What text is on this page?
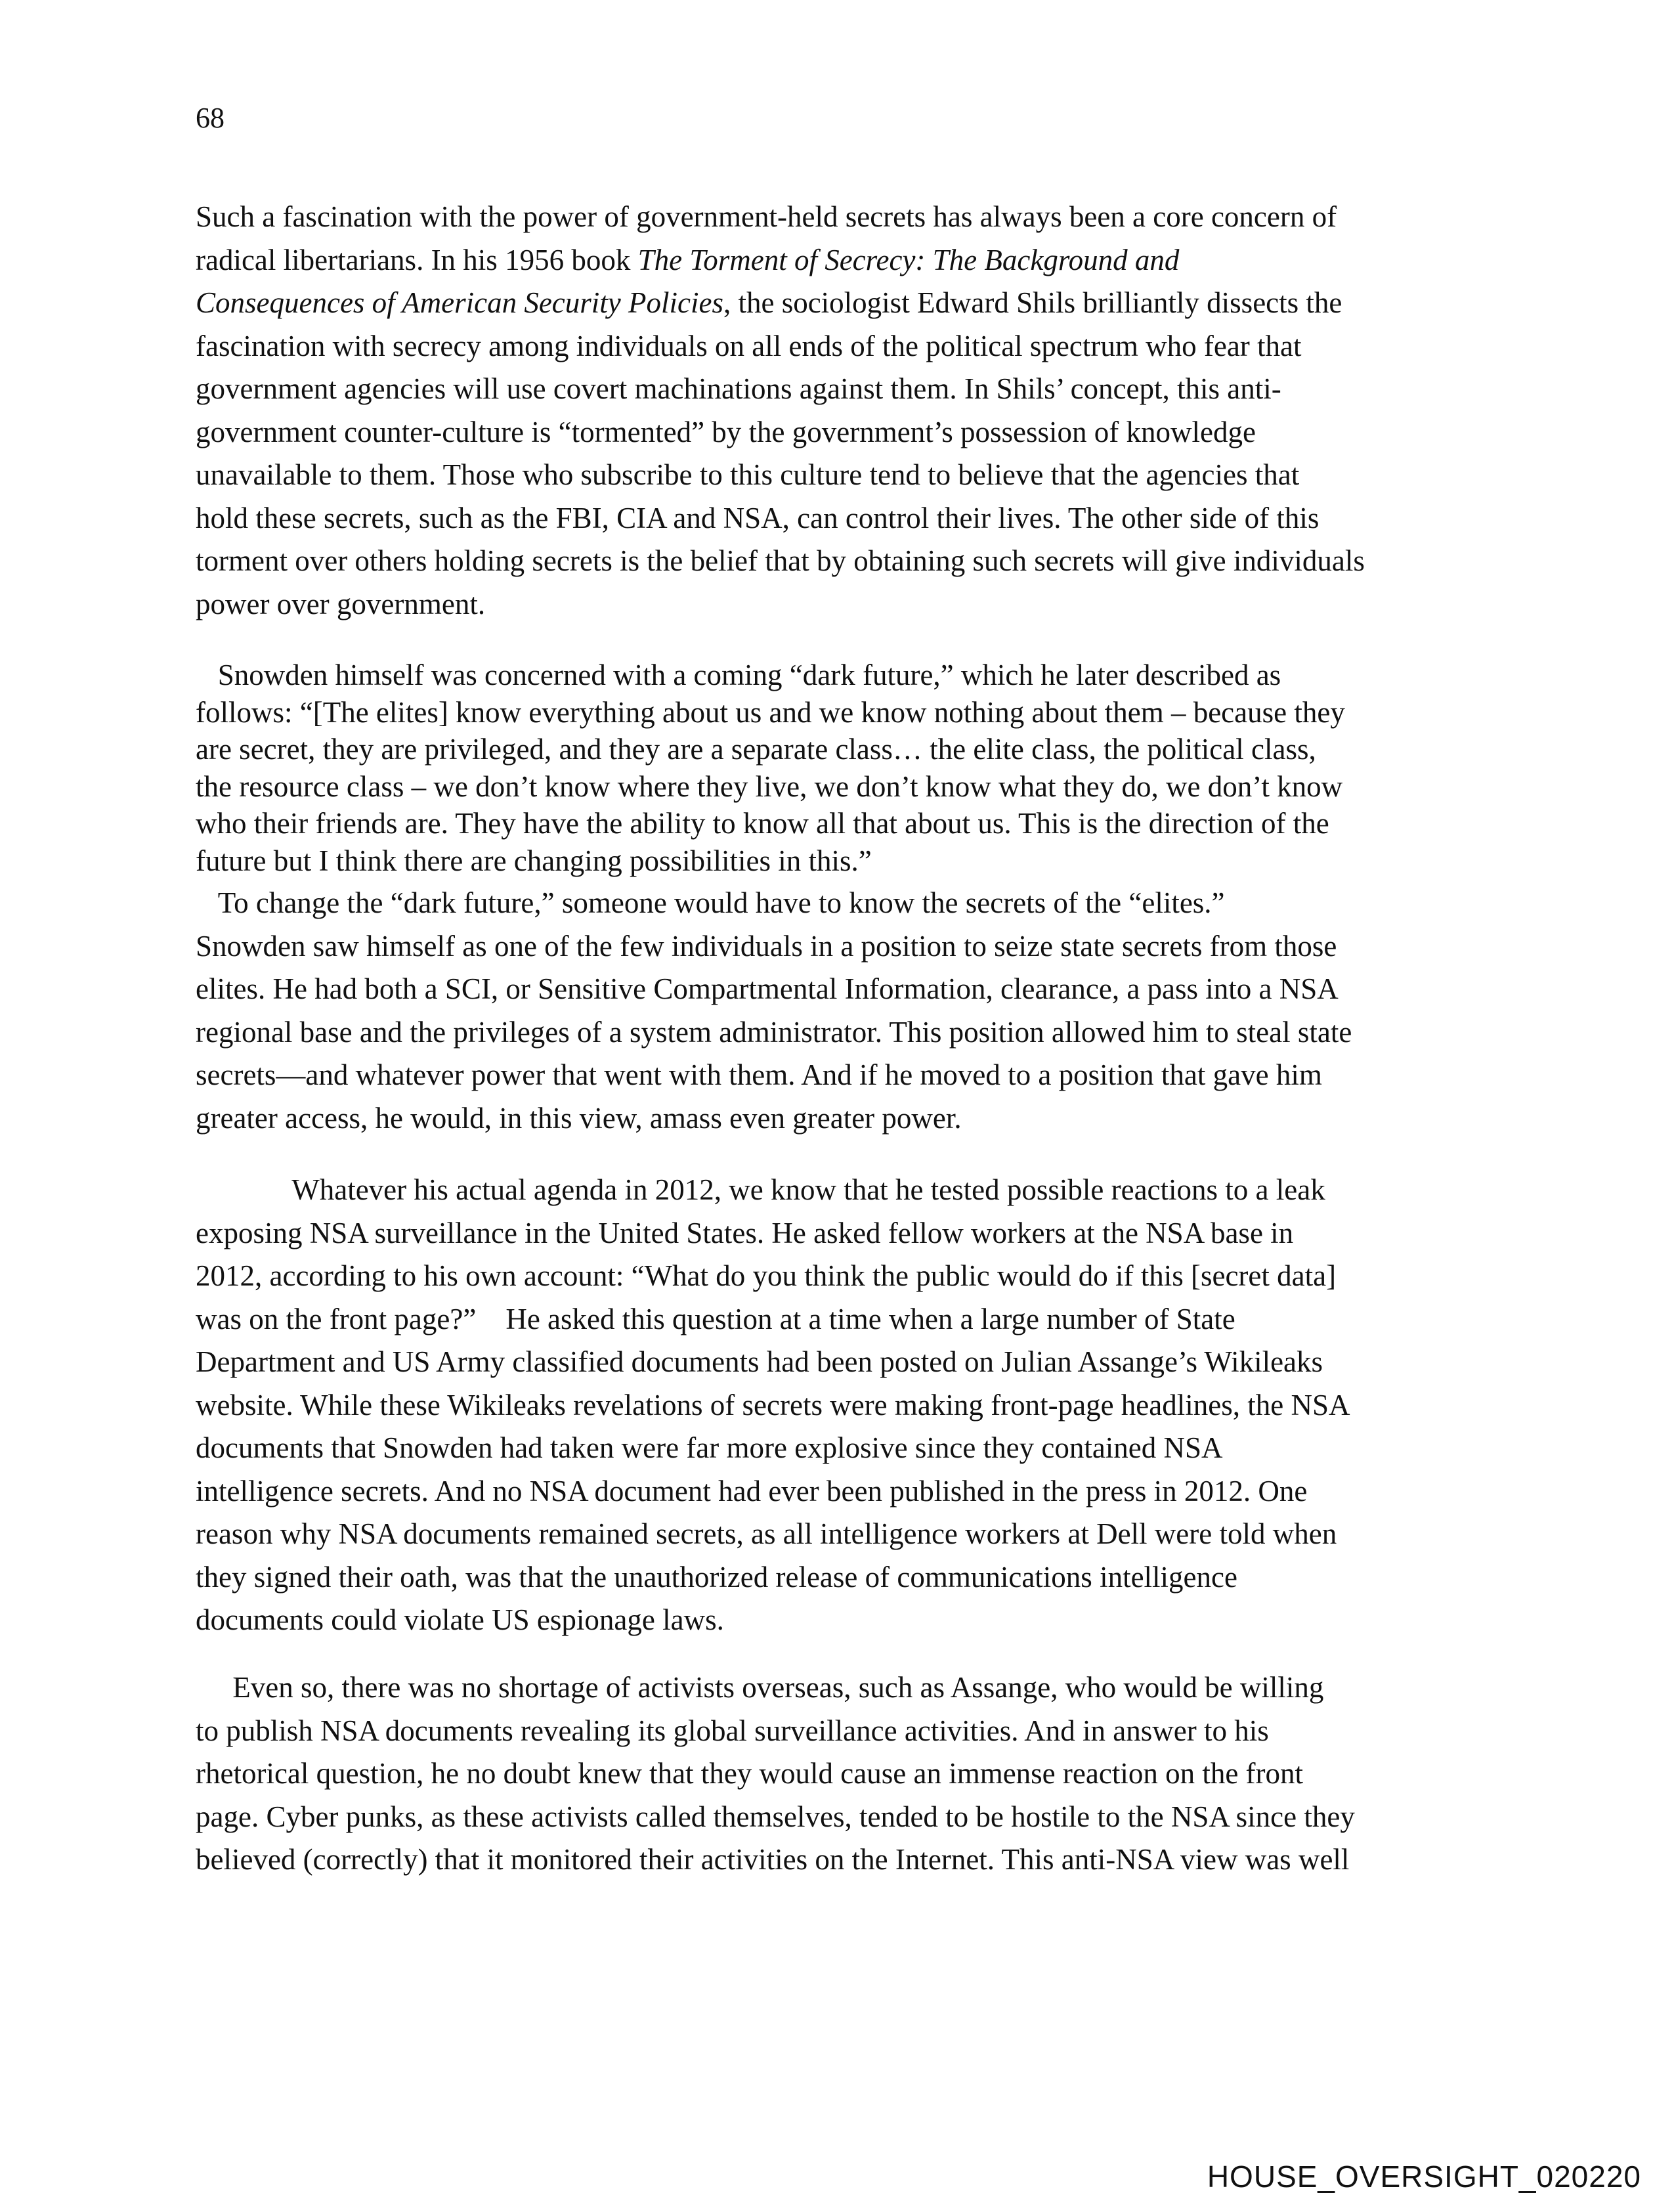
68
Such a fascination with the power of government-held secrets has always been a core concern of
radical libertarians. In his 1956 book The Torment of Secrecy: The Background and
Consequences of American Security Policies, the sociologist Edward Shils brilliantly dissects the
fascination with secrecy among individuals on all ends of the political spectrum who fear that
government agencies will use covert machinations against them. In Shils’ concept, this anti-
government counter-culture is “tormented” by the government’s possession of knowledge
unavailable to them. Those who subscribe to this culture tend to believe that the agencies that
hold these secrets, such as the FBI, CIA and NSA, can control their lives. The other side of this
torment over others holding secrets is the belief that by obtaining such secrets will give individuals
power over government.
Snowden himself was concerned with a coming “dark future,” which he later described as
follows: “[The elites] know everything about us and we know nothing about them – because they
are secret, they are privileged, and they are a separate class… the elite class, the political class,
the resource class – we don’t know where they live, we don’t know what they do, we don’t know
who their friends are. They have the ability to know all that about us. This is the direction of the
future but I think there are changing possibilities in this.”
To change the “dark future,” someone would have to know the secrets of the “elites.”
Snowden saw himself as one of the few individuals in a position to seize state secrets from those
elites. He had both a SCI, or Sensitive Compartmental Information, clearance, a pass into a NSA
regional base and the privileges of a system administrator. This position allowed him to steal state
secrets—and whatever power that went with them. And if he moved to a position that gave him
greater access, he would, in this view, amass even greater power.
Whatever his actual agenda in 2012, we know that he tested possible reactions to a leak
exposing NSA surveillance in the United States. He asked fellow workers at the NSA base in
2012, according to his own account: “What do you think the public would do if this [secret data]
was on the front page?”    He asked this question at a time when a large number of State
Department and US Army classified documents had been posted on Julian Assange’s Wikileaks
website. While these Wikileaks revelations of secrets were making front-page headlines, the NSA
documents that Snowden had taken were far more explosive since they contained NSA
intelligence secrets. And no NSA document had ever been published in the press in 2012. One
reason why NSA documents remained secrets, as all intelligence workers at Dell were told when
they signed their oath, was that the unauthorized release of communications intelligence
documents could violate US espionage laws.
Even so, there was no shortage of activists overseas, such as Assange, who would be willing
to publish NSA documents revealing its global surveillance activities. And in answer to his
rhetorical question, he no doubt knew that they would cause an immense reaction on the front
page. Cyber punks, as these activists called themselves, tended to be hostile to the NSA since they
believed (correctly) that it monitored their activities on the Internet. This anti-NSA view was well
HOUSE_OVERSIGHT_020220
